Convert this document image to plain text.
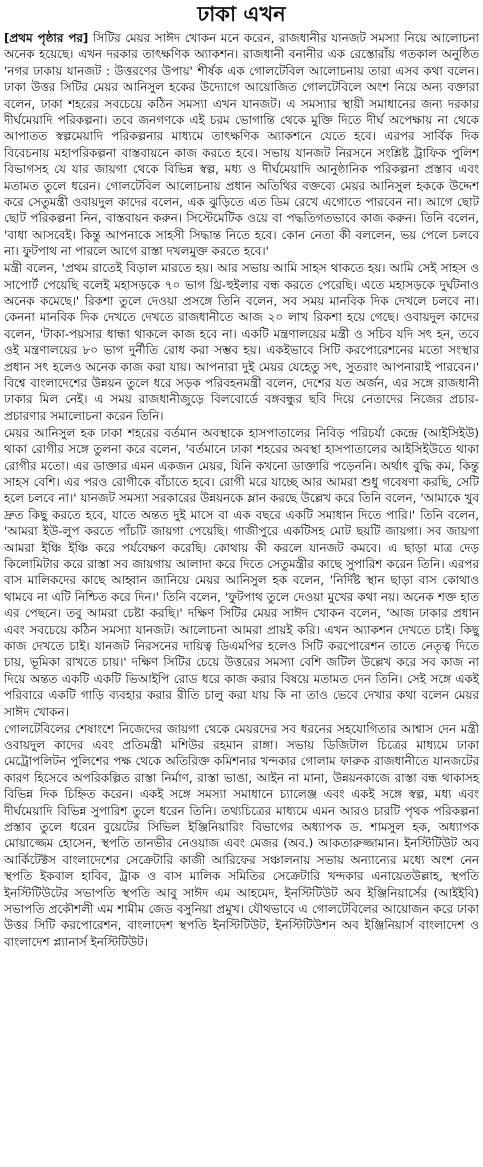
ঢাকা এখন

[প্রথম পৃষ্ঠার পর] সিটির মেয়র সাঈদ খোকন মনে করেন, রাজধানীর যানজট সমস্যা নিয়ে আলোচনা অনেক হয়েছে। এখন দরকার তাৎক্ষণিক অ্যাকশন। রাজধানী বনানীর এক রেস্তোরাঁয় গতকাল অনুষ্ঠিত 'নগর ঢাকায় যানজট : উত্তরণের উপায়' শীর্ষক এক গোলটেবিল আলোচনায় তারা এসব কথা বলেন। ঢাকা উত্তর সিটির মেয়র আনিসুল হকের উদ্যোগে আয়োজিত গোলটেবিলে অংশ নিয়ে অন্য বক্তারা বলেন, ঢাকা শহরের সবচেয়ে কঠিন সমস্যা এখন যানজট। এ সমস্যার স্থায়ী সমাধানের জন্য দরকার দীর্ঘমেয়াদি পরিকল্পনা। তবে জনগণকে এই চরম ভোগান্তি থেকে মুক্তি দিতে দীর্ঘ অপেক্ষায় না থেকে আপাতত স্বল্পমেয়াদি পরিকল্পনার মাধ্যমে তাৎক্ষণিক অ্যাকশনে যেতে হবে। এরপর সার্বিক দিক বিবেচনায় মহাপরিকল্পনা বাস্তবায়নে কাজ করতে হবে। সভায় যানজট নিরসনে সংশ্লিষ্ট ট্রাফিক পুলিশ বিভাগসহ যে যার জায়গা থেকে বিভিন্ন স্বল্প, মধ্য ও দীর্ঘমেয়াদি আনুষ্ঠানিক পরিকল্পনা প্রস্তাব এবং মতামত তুলে ধরেন। গোলটেবিল আলোচনায় প্রধান অতিথির বক্তব্যে মেয়র আনিসুল হককে উদ্দেশ করে সেতুমন্ত্রী ওবায়দুল কাদের বলেন, এক ঝুড়িতে এত ডিম রেখে এগোতে পারবেন না। আগে ছোট ছোট পরিকল্পনা নিন, বাস্তবায়ন করুন। সিস্টেমেটিক ওয়ে বা পদ্ধতিগতভাবে কাজ করুন। তিনি বলেন, 'বাধা আসবেই। কিন্তু আপনাকে সাহসী সিদ্ধান্ত নিতে হবে। কোন নেতা কী বললেন, ভয় পেলে চলবে না। ফুটপাথ না পারলে আগে রাস্তা দখলমুক্ত করতে হবে।'

মন্ত্রী বলেন, 'প্রথম রাতেই বিড়াল মারতে হয়। আর সভায় আমি সাহস থাকতে হয়। আমি সেই সাহস ও সাপোর্ট পেয়েছি বলেই মহাসড়কে ৭০ ভাগ থ্রি-হুইলার বন্ধ করতে পেরেছি। এতে মহাসড়কে দুর্ঘটনাও অনেক কমেছে।' রিকশা তুলে দেওয়া প্রসঙ্গে তিনি বলেন, সব সময় মানবিক দিক দেখলে চলবে না। কেননা মানবিক দিক দেখতে দেখতে রাজধানীতে আজ ২০ লাখ রিকশা হয়ে গেছে। ওবায়দুল কাদের বলেন, 'টাকা-পয়সার ধান্ধা থাকলে কাজ হবে না। একটি মন্ত্রণালয়ের মন্ত্রী ও সচিব যদি সৎ হন, তবে ওই মন্ত্রণালয়ের ৮০ ভাগ দুর্নীতি রোধ করা সম্ভব হয়। একইভাবে সিটি করপোরেশনের মতো সংস্থার প্রধান সৎ হলেও অনেক কাজ করা যায়। আপনারা দুই মেয়র যেহেতু সৎ, সুতরাং আপনারাই পারবেন।' বিশ্বে বাংলাদেশের উন্নয়ন তুলে ধরে সড়ক পরিবহনমন্ত্রী বলেন, দেশের যত অর্জন, এর সঙ্গে রাজধানী ঢাকার মিল নেই। এ সময় রাজধানীজুড়ে বিলবোর্ডে বঙ্গবন্ধুর ছবি দিয়ে নেতাদের নিজের প্রচার-প্রচারণার সমালোচনা করেন তিনি।

মেয়র আনিসুল হক ঢাকা শহরের বর্তমান অবস্থাকে হাসপাতালের নিবিড় পরিচর্যা কেন্দ্রে (আইসিইউ) থাকা রোগীর সঙ্গে তুলনা করে বলেন, 'বর্তমানে ঢাকা শহরের অবস্থা হাসপাতালের আইসিইউতে থাকা রোগীর মতো। এর ডাক্তার এমন একজন মেয়র, যিনি কখনো ডাক্তারি পড়েননি। অর্থাৎ বুদ্ধি কম, কিন্তু সাহস বেশি। এর পরও রোগীকে বাঁচাতে হবে। রোগী মরে যাচ্ছে আর আমরা শুধু গবেষণা করছি, সেটি হলে চলবে না।' যানজট সমস্যা সরকারের উন্নয়নকে ম্লান করছে উল্লেখ করে তিনি বলেন, 'আমাকে খুব দ্রুত কিছু করতে হবে, যাতে অন্তত দুই মাসে বা এক বছরে একটি সমাধান দিতে পারি।' তিনি বলেন, 'আমরা ইউ-লুপ করতে পাঁচটি জায়গা পেয়েছি। গাজীপুরে একটিসহ মোট ছয়টি জায়গা। সব জায়গা আমরা ইঞ্চি ইঞ্চি করে পর্যবেক্ষণ করেছি। কোথায় কী করলে যানজট কমবে। এ ছাড়া মাত্র দেড় কিলোমিটার করে রাস্তা সব জায়গায় আলাদা করে দিতে সেতুমন্ত্রীর কাছে সুপারিশ করেন তিনি। এরপর বাস মালিকদের কাছে আহ্বান জানিয়ে মেয়র আনিসুল হক বলেন, 'নির্দিষ্ট স্থান ছাড়া বাস কোথাও থামবে না এটি নিশ্চিত করে দিন।' তিনি বলেন, 'ফুটপাথ তুলে দেওয়া মুখের কথা নয়। অনেক শক্ত হাত এর পেছনে। তবু আমরা চেষ্টা করছি।' দক্ষিণ সিটির মেয়র সাঈদ খোকন বলেন, 'আজ ঢাকার প্রধান এবং সবচেয়ে কঠিন সমস্যা যানজট। আলোচনা আমরা প্রায়ই করি। এখন অ্যাকশন দেখতে চাই। কিছু কাজ দেখতে চাই। যানজট নিরসনের দায়িত্ব ডিএমপির হলেও সিটি করপোরেশন তাতে নেতৃত্ব দিতে চায়, ভূমিকা রাখতে চায়।' দক্ষিণ সিটির চেয়ে উত্তরের সমস্যা বেশি জটিল উল্লেখ করে সব কাজ না দিয়ে অন্তত একটি একটি ভিআইপি রোড ধরে কাজ করার বিষয়ে মতামত দেন তিনি। সেই সঙ্গে একই পরিবারে একটি গাড়ি ব্যবহার করার রীতি চালু করা যায় কি না তাও ভেবে দেখার কথা বলেন মেয়র সাঈদ খোকন।

গোলটেবিলের শেষাংশে নিজেদের জায়গা থেকে মেয়রদের সব ধরনের সহযোগিতার আশ্বাস দেন মন্ত্রী ওবায়দুল কাদের এবং প্রতিমন্ত্রী মশিউর রহমান রাঙ্গা। সভায় ডিজিটাল চিত্রের মাধ্যমে ঢাকা মেট্রোপলিটন পুলিশের পক্ষ থেকে অতিরিক্ত কমিশনার খন্দকার গোলাম ফারুক রাজধানীতে যানজটের কারণ হিসেবে অপরিকল্পিত রাস্তা নির্মাণ, রাস্তা ভাঙা, আইন না মানা, উন্নয়নকাজে রাস্তা বন্ধ থাকাসহ বিভিন্ন দিক চিহ্নিত করেন। একই সঙ্গে সমস্যা সমাধানে চ্যালেঞ্জ এবং একই সঙ্গে স্বল্প, মধ্য এবং দীর্ঘমেয়াদি বিভিন্ন সুপারিশ তুলে ধরেন তিনি। তথ্যচিত্রের মাধ্যমে এমন আরও চারটি পৃথক পরিকল্পনা প্রস্তাব তুলে ধরেন বুয়েটের সিভিল ইঞ্জিনিয়ারিং বিভাগের অধ্যাপক ড. শামসুল হক, অধ্যাপক মোয়াজ্জেম হোসেন, স্থপতি তানভীর নেওয়াজ এবং মেজর (অব.) আকতারুজ্জামান। ইনস্টিটিউট অব আর্কিটেক্টস বাংলাদেশের সেক্রেটারি কাজী আরিফের সঞ্চালনায় সভায় অন্যান্যের মধ্যে অংশ নেন স্থপতি ইকবাল হাবিব, ট্রাক ও বাস মালিক সমিতির সেক্রেটারি খন্দকার এনায়েতউল্লাহ, স্থপতি ইনস্টিটিউটের সভাপতি স্থপতি আবু সাঈদ এম আহমেদ, ইনস্টিটিউট অব ইঞ্জিনিয়ার্সের (আইইবি) সভাপতি প্রকৌশলী এম শামীম জেড বসুনিয়া প্রমুখ। যৌথভাবে এ গোলটেবিলের আয়োজন করে ঢাকা উত্তর সিটি করপোরেশন, বাংলাদেশ স্থপতি ইনস্টিটিউট, ইনস্টিটিউশন অব ইঞ্জিনিয়ার্স বাংলাদেশ ও বাংলাদেশ প্ল্যানার্স ইনস্টিটিউট।
